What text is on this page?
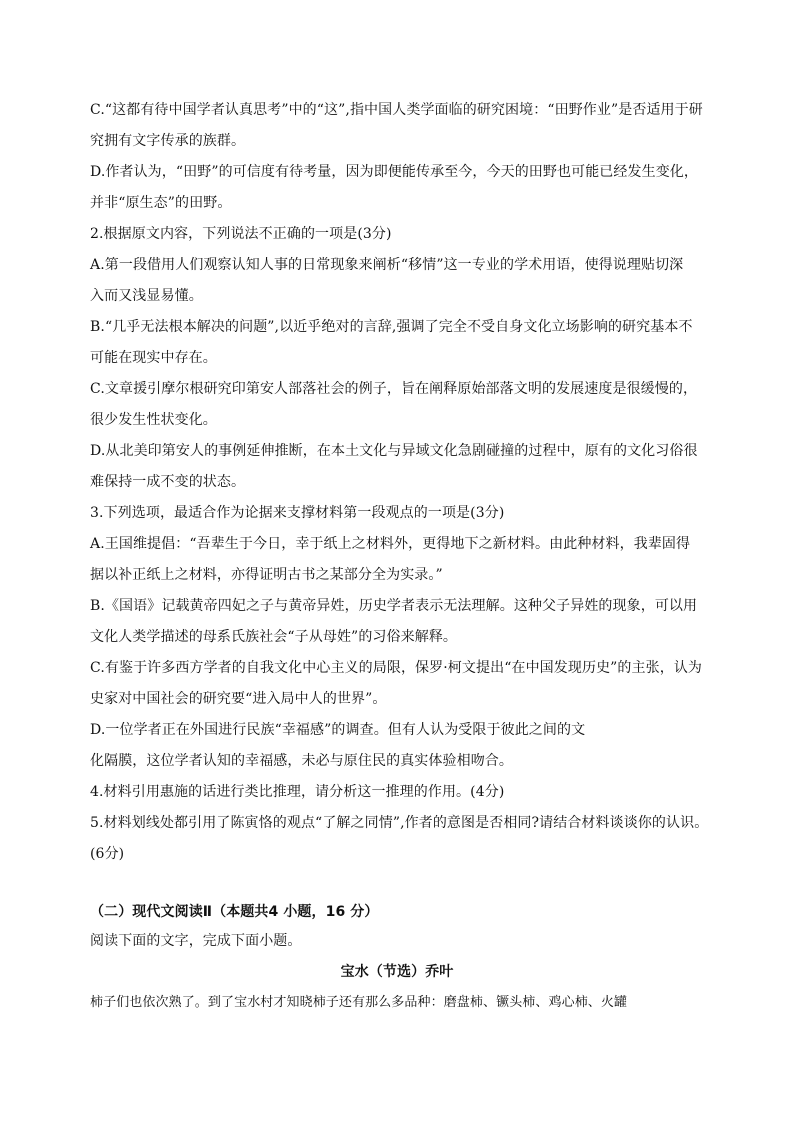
C.“这都有待中国学者认真思考”中的“这”,指中国人类学面临的研究困境：“田野作业”是否适用于研
究拥有文字传承的族群。
D.作者认为，“田野”的可信度有待考量，因为即便能传承至今，今天的田野也可能已经发生变化，
并非“原生态”的田野。
2.根据原文内容，下列说法不正确的一项是(3分)
A.第一段借用人们观察认知人事的日常现象来阐析“移情”这一专业的学术用语，使得说理贴切深
入而又浅显易懂。
B.“几乎无法根本解决的问题”,以近乎绝对的言辞,强调了完全不受自身文化立场影响的研究基本不
可能在现实中存在。
C.文章援引摩尔根研究印第安人部落社会的例子，旨在阐释原始部落文明的发展速度是很缓慢的，
很少发生性状变化。
D.从北美印第安人的事例延伸推断，在本土文化与异域文化急剧碰撞的过程中，原有的文化习俗很
难保持一成不变的状态。
3.下列选项，最适合作为论据来支撑材料第一段观点的一项是(3分)
A.王国维提倡：“吾辈生于今日，幸于纸上之材料外，更得地下之新材料。由此种材料，我辈固得
据以补正纸上之材料，亦得证明古书之某部分全为实录。”
B.《国语》记载黄帝四妃之子与黄帝异姓，历史学者表示无法理解。这种父子异姓的现象，可以用
文化人类学描述的母系氏族社会“子从母姓”的习俗来解释。
C.有鉴于许多西方学者的自我文化中心主义的局限，保罗·柯文提出“在中国发现历史”的主张，认为
史家对中国社会的研究要“进入局中人的世界”。
D.一位学者正在外国进行民族“幸福感”的调查。但有人认为受限于彼此之间的文
化隔膜，这位学者认知的幸福感，未必与原住民的真实体验相吻合。
4.材料引用惠施的话进行类比推理，请分析这一推理的作用。(4分)
5.材料划线处都引用了陈寅恪的观点“了解之同情”,作者的意图是否相同?请结合材料谈谈你的认识。
(6分)
（二）现代文阅读Ⅱ（本题共4 小题，16 分）
阅读下面的文字，完成下面小题。
宝水（节选）乔叶
柿子们也依次熟了。到了宝水村才知晓柿子还有那么多品种：磨盘柿、镢头柿、鸡心柿、火罐
